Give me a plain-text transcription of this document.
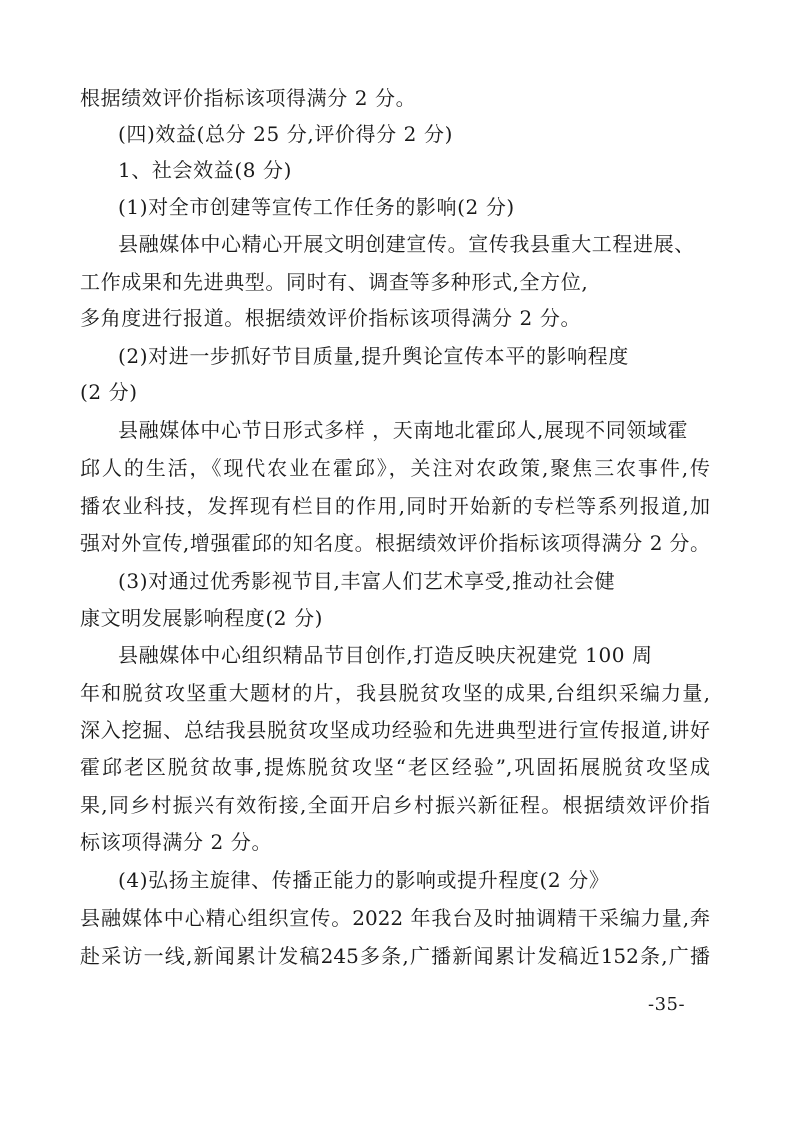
根据绩效评价指标该项得满分 2 分。

(四)效益(总分 25 分,评价得分 2 分)

1、社会效益(8 分)

(1)对全市创建等宣传工作任务的影响(2 分)

县融媒体中心精心开展文明创建宣传。宣传我县重大工程进展、

工作成果和先进典型。同时有、调查等多种形式,全方位,

多角度进行报道。根据绩效评价指标该项得满分 2 分。

(2)对进一步抓好节目质量,提升舆论宣传本平的影响程度

(2 分)

县融媒体中心节日形式多样 ，天南地北霍邱人,展现不同领域霍

邱人的生活，《现代农业在霍邱》，关注对农政策,聚焦三农事件,传

播农业科技，发挥现有栏目的作用,同时开始新的专栏等系列报道,加

强对外宣传,增强霍邱的知名度。根据绩效评价指标该项得满分 2 分。

(3)对通过优秀影视节目,丰富人们艺术享受,推动社会健

康文明发展影响程度(2 分)

县融媒体中心组织精品节目创作,打造反映庆祝建党 100 周

年和脱贫攻坚重大题材的片，我县脱贫攻坚的成果,台组织采编力量,

深入挖掘、总结我县脱贫攻坚成功经验和先进典型进行宣传报道,讲好

霍邱老区脱贫故事,提炼脱贫攻坚“老区经验”,巩固拓展脱贫攻坚成

果,同乡村振兴有效衔接,全面开启乡村振兴新征程。根据绩效评价指

标该项得满分 2 分。

(4)弘扬主旋律、传播正能力的影响或提升程度(2 分》

县融媒体中心精心组织宣传。2022 年我台及时抽调精干采编力量,奔

赴采访一线,新闻累计发稿245多条,广播新闻累计发稿近152条,广播

-35-
